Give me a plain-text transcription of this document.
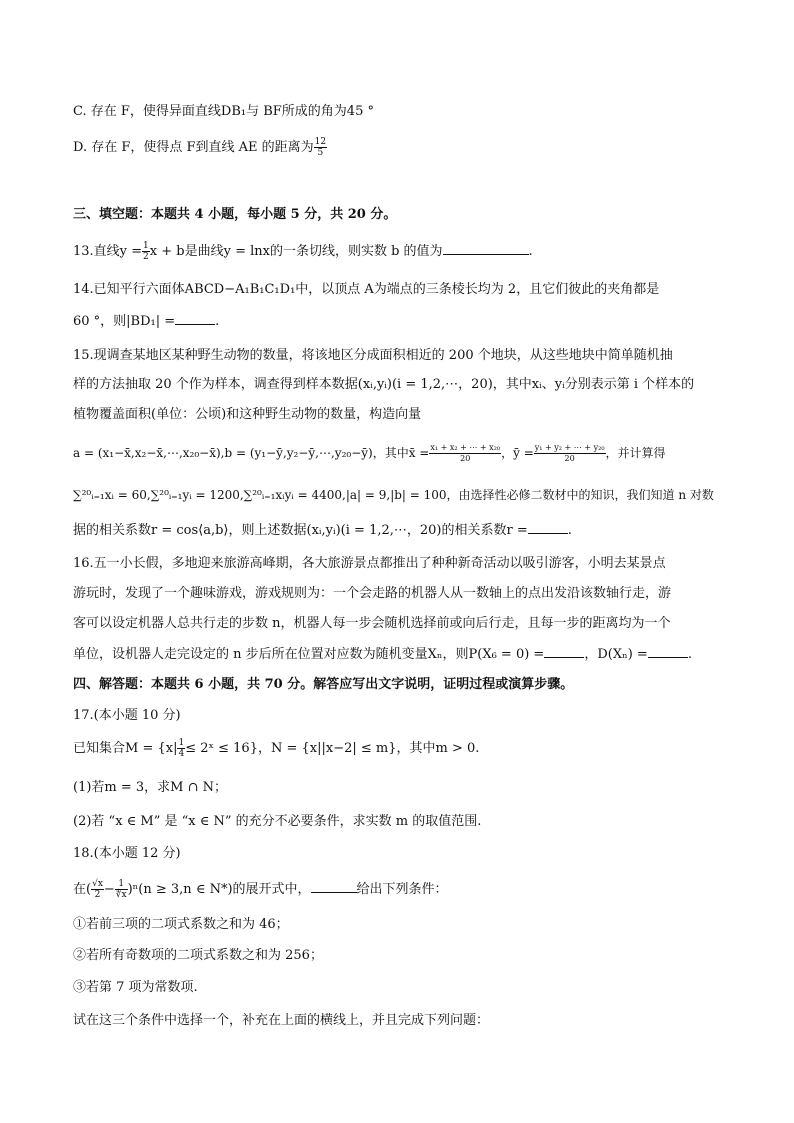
C. 存在 F，使得异面直线DB₁与 BF所成的角为45 °
D. 存在 F，使得点 F到直线 AE 的距离为 $\frac{12}{5}$
三、填空题：本题共 4 小题，每小题 5 分，共 20 分。
13.直线$y = \frac{1}{2}$ x + b是曲线y = lnx的一条切线，则实数 b 的值为	.
14.已知平行六面体ABCD−A₁B₁C₁D₁中，以顶点 A为端点的三条棱长均为 2，且它们彼此的夹角都是
60 °，则|BD₁| =	.
15.现调查某地区某种野生动物的数量，将该地区分成面积相近的 200 个地块，从这些地块中简单随机抽
样的方法抽取 20 个作为样本，调查得到样本数据(xᵢ,yᵢ)(i = 1,2,⋯，20)，其中xᵢ、yᵢ分别表示第 i 个样本的
植物覆盖面积(单位：公顷)和这种野生动物的数量，构造向量
a = (x₁−x̄,x₂−x̄,⋯,x₂₀−x̄),b = (y₁−ȳ,y₂−ȳ,⋯,y₂₀−ȳ)，其中x̄ = $\frac{\text{x₁ + x₂ + ⋯ + x₂₀}}{20}$ ，ȳ = $\frac{\text{y₁ + y₂ + ⋯ + y₂₀}}{20}$ ，并计算得
∑²⁰ᵢ₌₁xᵢ = 60,∑²⁰ᵢ₌₁yᵢ = 1200,∑²⁰ᵢ₌₁xᵢyᵢ = 4400,|a| = 9,|b| = 100，由选择性必修二数材中的知识，我们知道 n 对数
据的相关系数r = cos⟨a,b⟩，则上述数据(xᵢ,yᵢ)(i = 1,2,⋯，20)的相关系数r =	.
16.五一小长假，多地迎来旅游高峰期，各大旅游景点都推出了种种新奇活动以吸引游客，小明去某景点
游玩时，发现了一个趣味游戏，游戏规则为：一个会走路的机器人从一数轴上的点出发沿该数轴行走，游
客可以设定机器人总共行走的步数 n，机器人每一步会随机选择前或向后行走，且每一步的距离均为一个
单位，设机器人走完设定的 n 步后所在位置对应数为随机变量Xₙ，则P(X₆ = 0) =	，D(Xₙ) =	.
四、解答题：本题共 6 小题，共 70 分。解答应写出文字说明，证明过程或演算步骤。
17.(本小题 10 分)
已知集合$M = \{x| \frac{1}{4}$ ≤ 2ˣ ≤ 16}，N = {x||x−2| ≤ m}，其中m > 0.
(1)若m = 3，求M ∩ N；
(2)若 “x ∈ M” 是 “x ∈ N” 的充分不必要条件，求实数 m 的取值范围.
18.(本小题 12 分)
在( $\frac{√x}{2} - \frac{1}{∜x} )^n(n \ge 3,n$ ∈ N*)的展开式中，	给出下列条件：
①若前三项的二项式系数之和为 46；
②若所有奇数项的二项式系数之和为 256；
③若第 7 项为常数项.
试在这三个条件中选择一个，补充在上面的横线上，并且完成下列问题：
